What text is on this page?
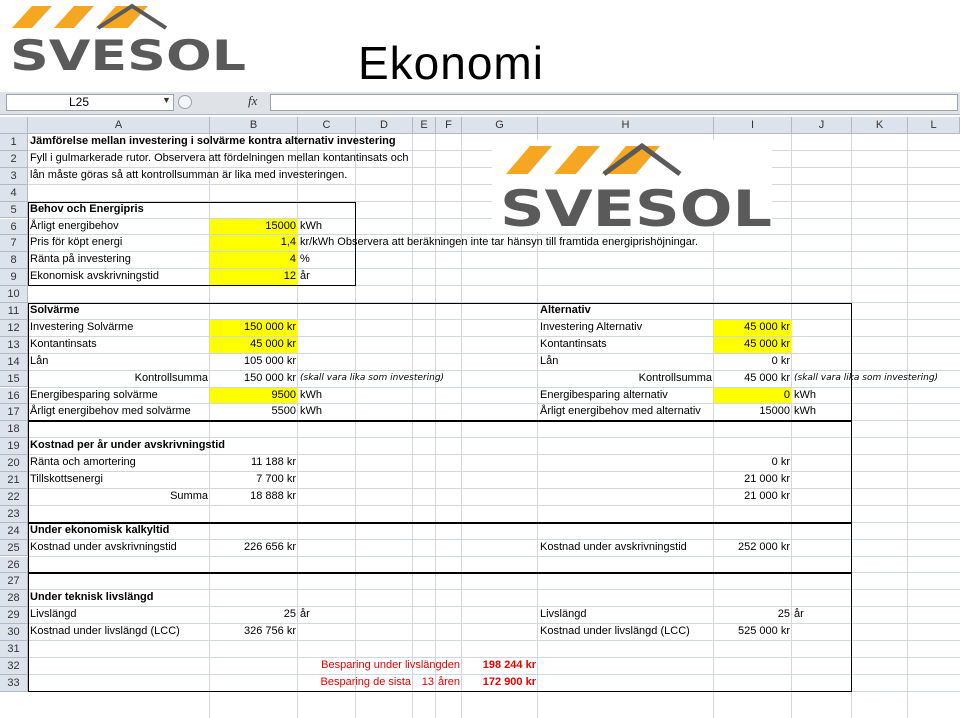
SVESOL Ekonomi
L25	▼	fx
A	B	C	D	E	F	G	H	I	J	K	L
1
2
3
4
5
6
7
8
9
10
11
12
13
14
15
16
17
18
19
20
21
22
23
24
25
26
27
28
29
30
31
32
33
Jämförelse mellan investering i solvärme kontra alternativ investering
Fyll i gulmarkerade rutor. Observera att fördelningen mellan kontantinsats och
lån måste göras så att kontrollsumman är lika med investeringen.
Behov och Energipris
Årligt energibehov	15000 kWh
Pris för köpt energi	1,4 kr/kWh Observera att beräkningen inte tar hänsyn till framtida energiprishöjningar.
Ränta på investering	4 %
Ekonomisk avskrivningstid	12 år
Solvärme	Alternativ
Investering Solvärme	150 000 kr	Investering Alternativ	45 000 kr
Kontantinsats	45 000 kr	Kontantinsats	45 000 kr
Lån	105 000 kr	Lån	0 kr
Kontrollsumma	150 000 kr (skall vara lika som investering)	Kontrollsumma	45 000 kr (skall vara lika som investering)
Energibesparing solvärme	9500 kWh	Energibesparing alternativ	0 kWh
Årligt energibehov med solvärme	5500 kWh	Årligt energibehov med alternativ	15000 kWh
Kostnad per år under avskrivningstid
Ränta och amortering	11 188 kr	0 kr
Tillskottsenergi	7 700 kr	21 000 kr
Summa	18 888 kr	21 000 kr
Under ekonomisk kalkyltid
Kostnad under avskrivningstid	226 656 kr	Kostnad under avskrivningstid	252 000 kr
Under teknisk livslängd
Livslängd	25 år	Livslängd	25 år
Kostnad under livslängd (LCC)	326 756 kr	Kostnad under livslängd (LCC)	525 000 kr
Besparing under livslängden	198 244 kr
Besparing de sista 13 åren	172 900 kr
SVESOL
